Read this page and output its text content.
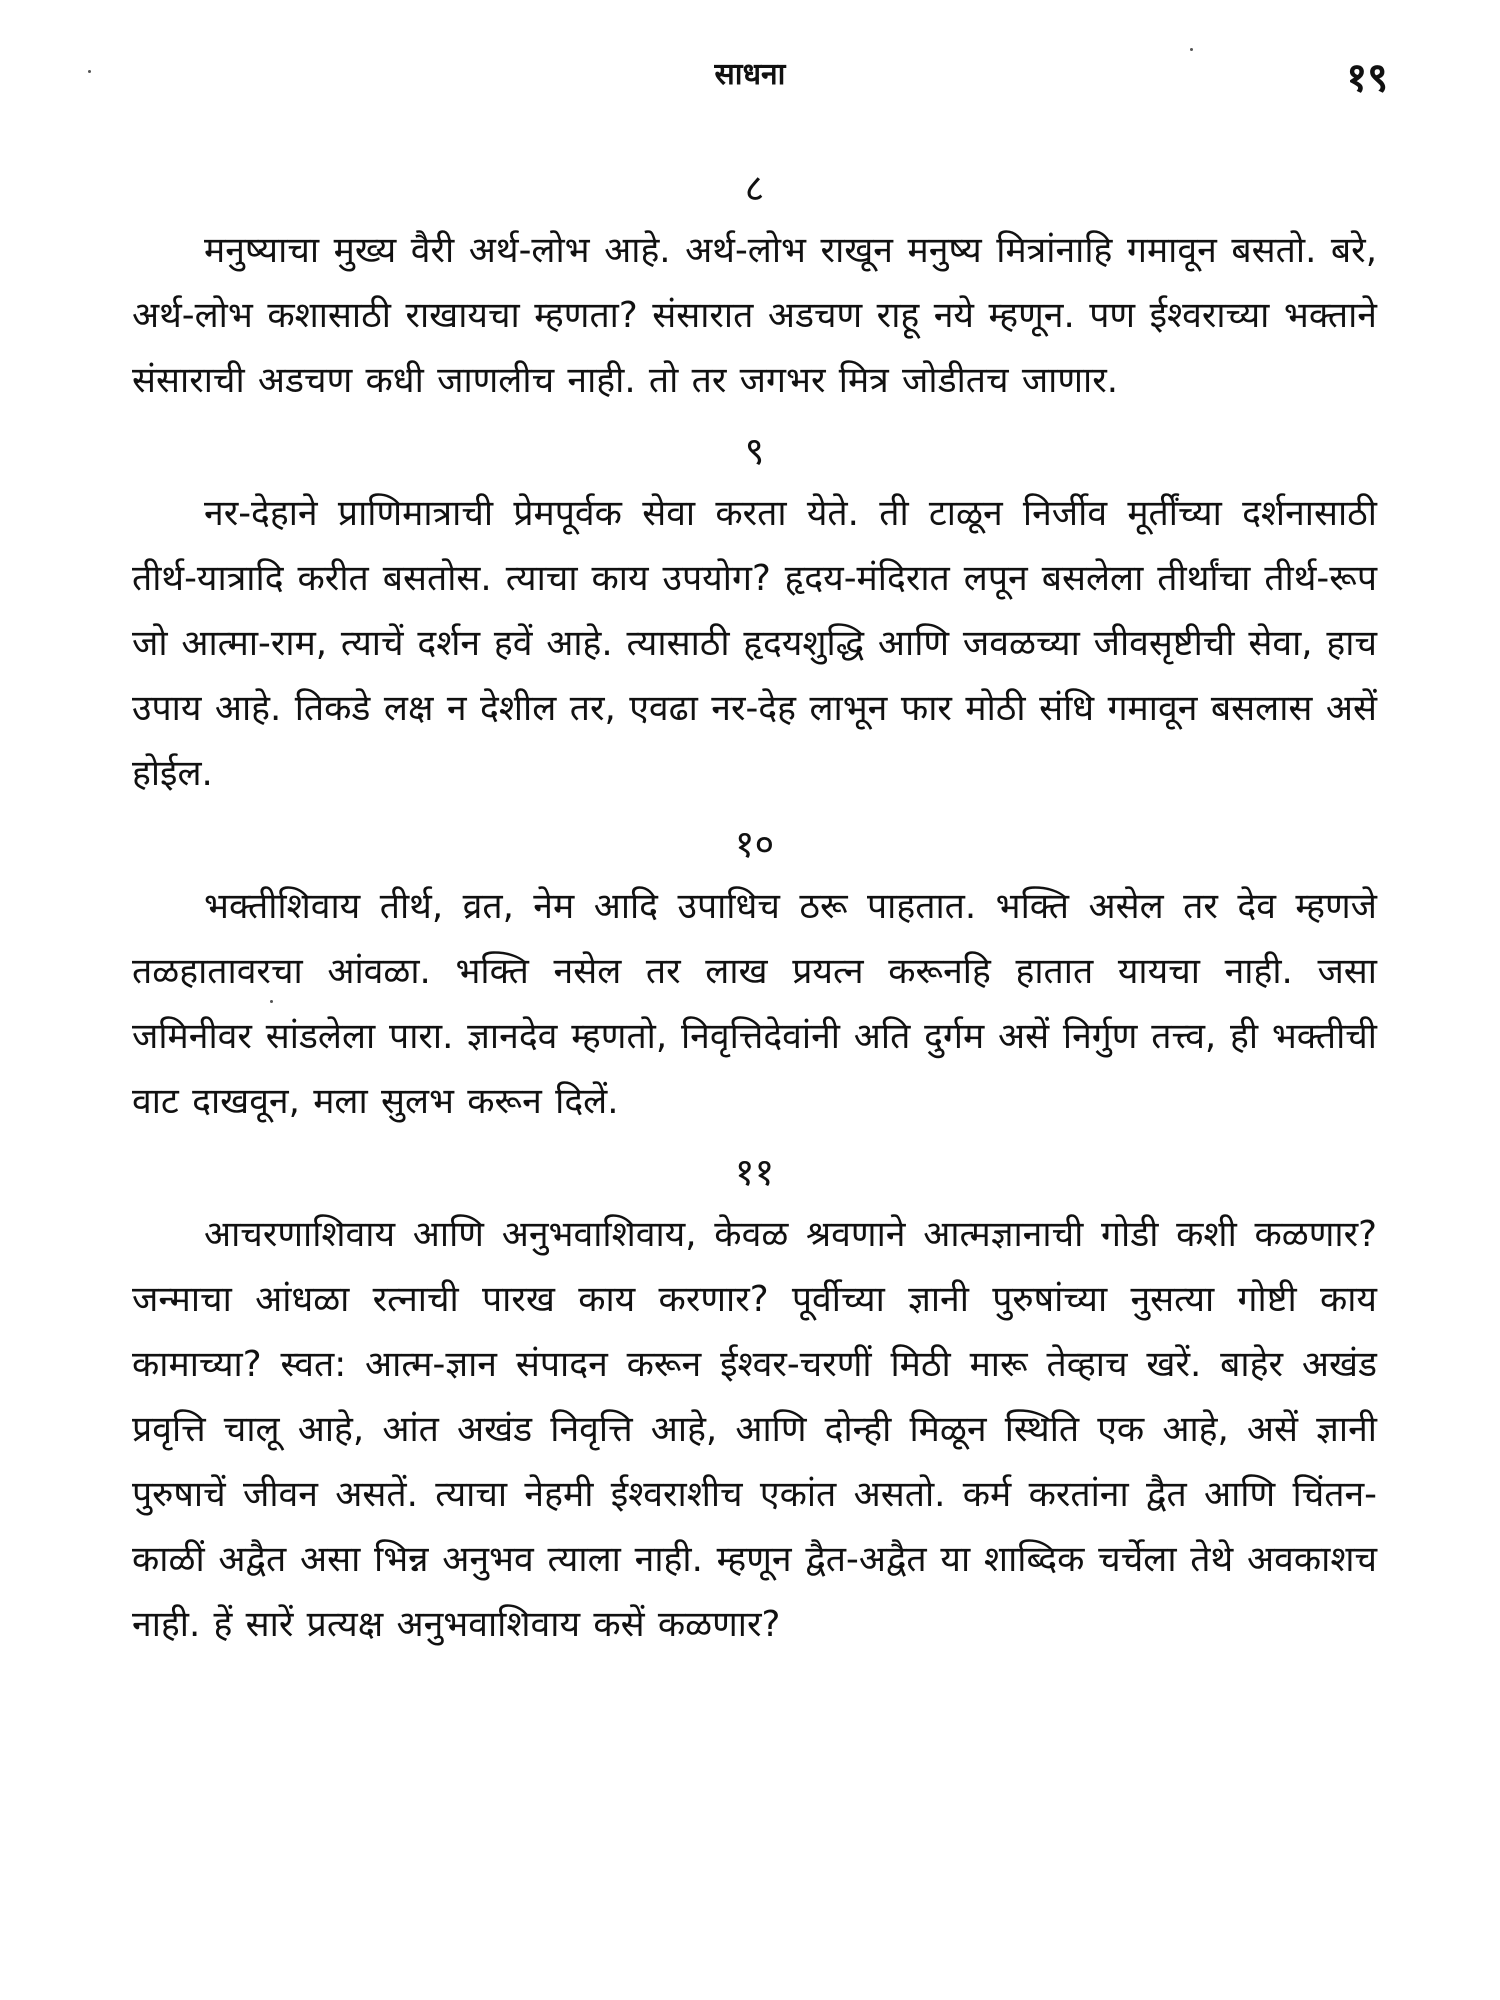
साधना	१९
८

मनुष्याचा मुख्य वैरी अर्थ-लोभ आहे. अर्थ-लोभ राखून मनुष्य मित्रांनाहि गमावून बसतो. बरे, अर्थ-लोभ कशासाठी राखायचा म्हणता? संसारात अडचण राहू नये म्हणून. पण ईश्वराच्या भक्ताने संसाराची अडचण कधी जाणलीच नाही. तो तर जगभर मित्र जोडीतच जाणार.

९

नर-देहाने प्राणिमात्राची प्रेमपूर्वक सेवा करता येते. ती टाळून निर्जीव मूर्तींच्या दर्शनासाठी तीर्थ-यात्रादि करीत बसतोस. त्याचा काय उपयोग? हृदय-मंदिरात लपून बसलेला तीर्थांचा तीर्थ-रूप जो आत्मा-राम, त्याचें दर्शन हवें आहे. त्यासाठी हृदयशुद्धि आणि जवळच्या जीवसृष्टीची सेवा, हाच उपाय आहे. तिकडे लक्ष न देशील तर, एवढा नर-देह लाभून फार मोठी संधि गमावून बसलास असें होईल.

१०

भक्तीशिवाय तीर्थ, व्रत, नेम आदि उपाधिच ठरू पाहतात. भक्ति असेल तर देव म्हणजे तळहातावरचा आंवळा. भक्ति नसेल तर लाख प्रयत्न करूनहि हातात यायचा नाही. जसा जमिनीवर सांडलेला पारा. ज्ञानदेव म्हणतो, निवृत्तिदेवांनी अति दुर्गम असें निर्गुण तत्त्व, ही भक्तीची वाट दाखवून, मला सुलभ करून दिलें.

११

आचरणाशिवाय आणि अनुभवाशिवाय, केवळ श्रवणाने आत्मज्ञानाची गोडी कशी कळणार? जन्माचा आंधळा रत्नाची पारख काय करणार? पूर्वीच्या ज्ञानी पुरुषांच्या नुसत्या गोष्टी काय कामाच्या? स्वत: आत्म-ज्ञान संपादन करून ईश्वर-चरणीं मिठी मारू तेव्हाच खरें. बाहेर अखंड प्रवृत्ति चालू आहे, आंत अखंड निवृत्ति आहे, आणि दोन्ही मिळून स्थिति एक आहे, असें ज्ञानी पुरुषाचें जीवन असतें. त्याचा नेहमी ईश्वराशीच एकांत असतो. कर्म करतांना द्वैत आणि चिंतन-काळीं अद्वैत असा भिन्न अनुभव त्याला नाही. म्हणून द्वैत-अद्वैत या शाब्दिक चर्चेला तेथे अवकाशच नाही. हें सारें प्रत्यक्ष अनुभवाशिवाय कसें कळणार?
